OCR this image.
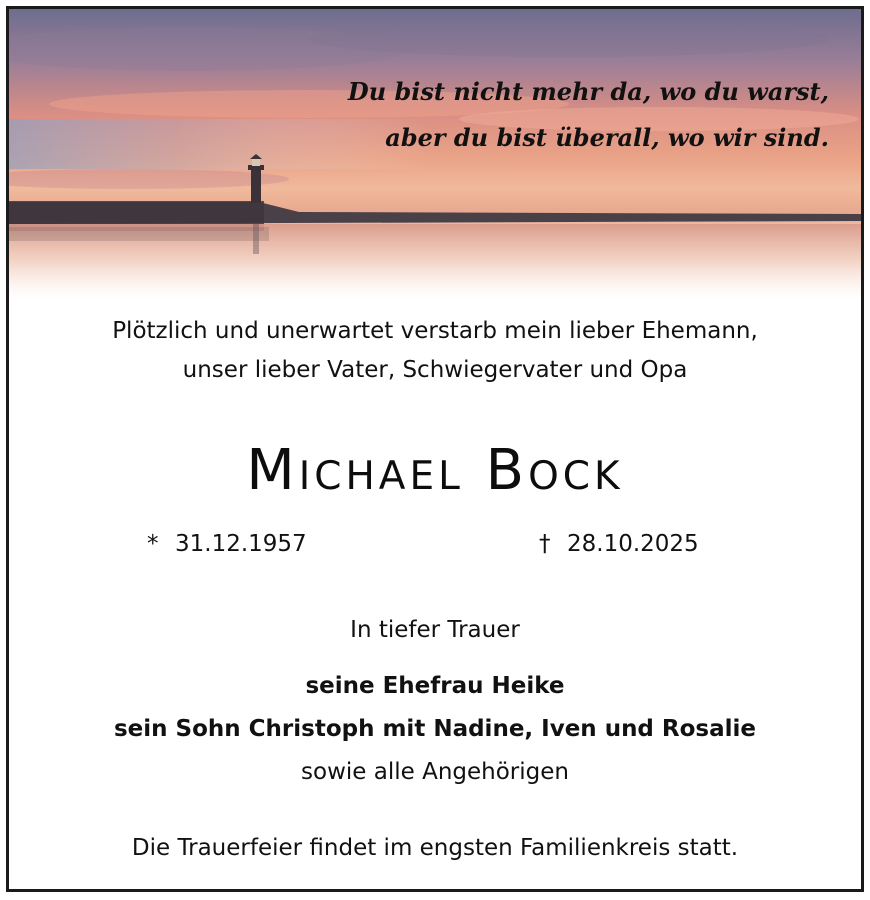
Du bist nicht mehr da, wo du warst,
aber du bist überall, wo wir sind.
Plötzlich und unerwartet verstarb mein lieber Ehemann,
unser lieber Vater, Schwiegervater und Opa
Michael Bock
* 31.12.1957	† 28.10.2025
In tiefer Trauer
seine Ehefrau Heike
sein Sohn Christoph mit Nadine, Iven und Rosalie
sowie alle Angehörigen
Die Trauerfeier findet im engsten Familienkreis statt.
